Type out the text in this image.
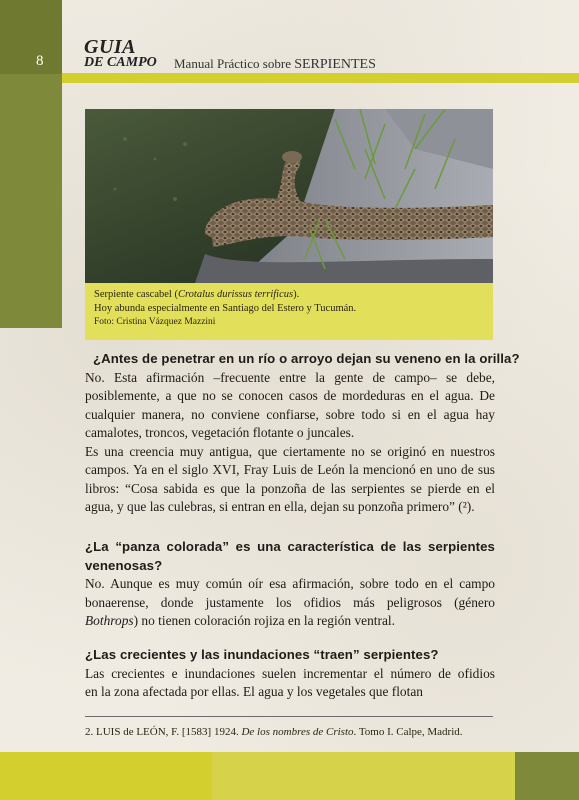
8
GUIA
DE CAMPO Manual Práctico sobre SERPIENTES
Serpiente cascabel (Crotalus durissus terrificus).
Hoy abunda especialmente en Santiago del Estero y Tucumán.
Foto: Cristina Vázquez Mazzini
¿Antes de penetrar en un río o arroyo dejan su veneno en la orilla?
No. Esta afirmación –frecuente entre la gente de campo– se debe,
posiblemente, a que no se conocen casos de mordeduras en el agua. De
cualquier manera, no conviene confiarse, sobre todo si en el agua hay
camalotes, troncos, vegetación flotante o juncales.
Es una creencia muy antigua, que ciertamente no se originó en nuestros
campos. Ya en el siglo XVI, Fray Luis de León la mencionó en uno de sus
libros: “Cosa sabida es que la ponzoña de las serpientes se pierde en el
agua, y que las culebras, si entran en ella, dejan su ponzoña primero” (²).
¿La “panza colorada” es una característica de las serpientes
venenosas?
No. Aunque es muy común oír esa afirmación, sobre todo en el campo
bonaerense, donde justamente los ofidios más peligrosos (género
Bothrops) no tienen coloración rojiza en la región ventral.
¿Las crecientes y las inundaciones “traen” serpientes?
Las crecientes e inundaciones suelen incrementar el número de ofidios
en la zona afectada por ellas. El agua y los vegetales que flotan
2. LUIS de LEÓN, F. [1583] 1924. De los nombres de Cristo. Tomo I. Calpe, Madrid.
